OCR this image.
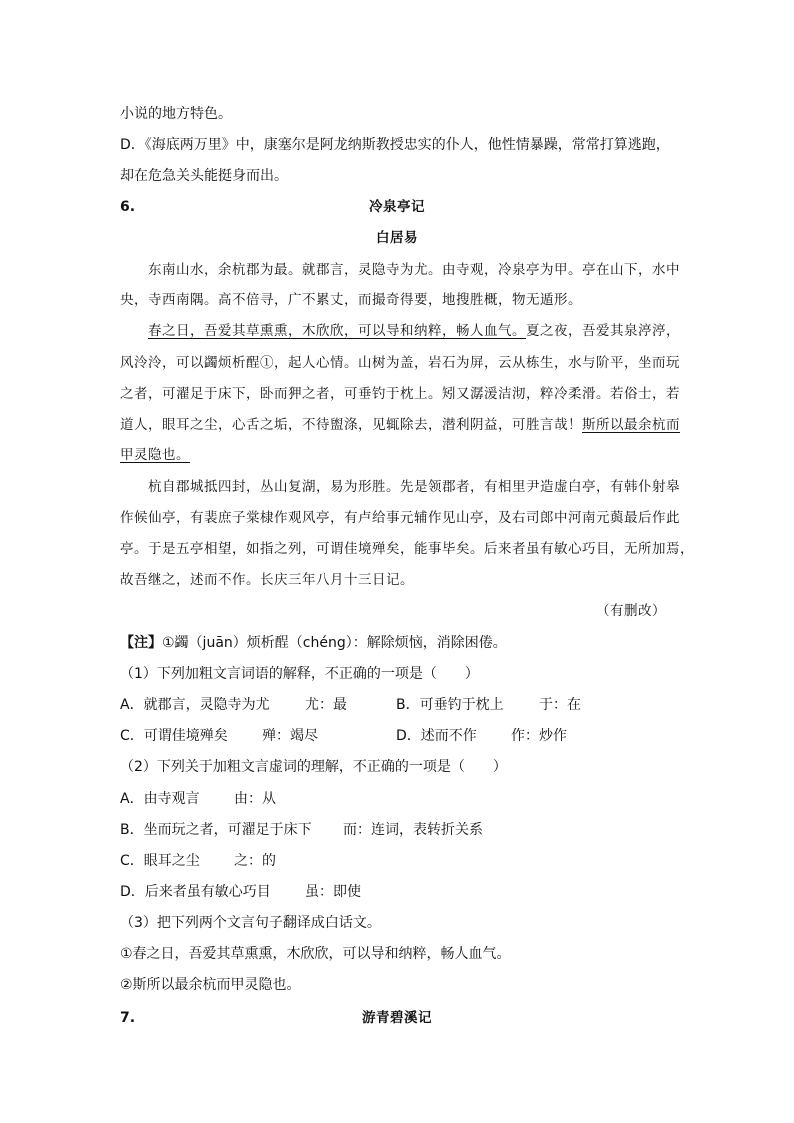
小说的地方特色。
D．《海底两万里》中，康塞尔是阿龙纳斯教授忠实的仆人，他性情暴躁，常常打算逃跑，
却在危急关头能挺身而出。
6.	冷泉亭记
白居易
东南山水，余杭郡为最。就郡言，灵隐寺为尤。由寺观，冷泉亭为甲。亭在山下，水中
央，寺西南隅。高不倍寻，广不累丈，而撮奇得要，地搜胜概，物无遁形。
春之日，吾爱其草熏熏，木欣欣，可以导和纳粹，畅人血气。夏之夜，吾爱其泉渟渟，
风泠泠，可以蠲烦析酲①，起人心情。山树为盖，岩石为屏，云从栋生，水与阶平，坐而玩
之者，可濯足于床下，卧而狎之者，可垂钓于枕上。矧又潺湲洁沏，粹冷柔滑。若俗士，若
道人，眼耳之尘，心舌之垢，不待盥涤，见辄除去，潜利阴益，可胜言哉！斯所以最余杭而
甲灵隐也。
杭自郡城抵四封，丛山复湖，易为形胜。先是领郡者，有相里尹造虚白亭，有韩仆射皋
作候仙亭，有裴庶子棠棣作观风亭，有卢给事元辅作见山亭，及右司郎中河南元藇最后作此
亭。于是五亭相望，如指之列，可谓佳境殚矣，能事毕矣。后来者虽有敏心巧目，无所加焉，
故吾继之，述而不作。长庆三年八月十三日记。
（有删改）
【注】①蠲（juān）烦析酲（chéng）：解除烦恼，消除困倦。
（1）下列加粗文言词语的解释，不正确的一项是（　　）
A．就郡言，灵隐寺为尤	尤：最	B．可垂钓于枕上	于：在
C．可谓佳境殚矣 殚：竭尽	D．述而不作 作：炒作
（2）下列关于加粗文言虚词的理解，不正确的一项是（　　）
A．由寺观言 由：从
B．坐而玩之者，可濯足于床下 而：连词，表转折关系
C．眼耳之尘 之：的
D．后来者虽有敏心巧目 虽：即使
（3）把下列两个文言句子翻译成白话文。
①春之日，吾爱其草熏熏，木欣欣，可以导和纳粹，畅人血气。
②斯所以最余杭而甲灵隐也。
7.	游青碧溪记
